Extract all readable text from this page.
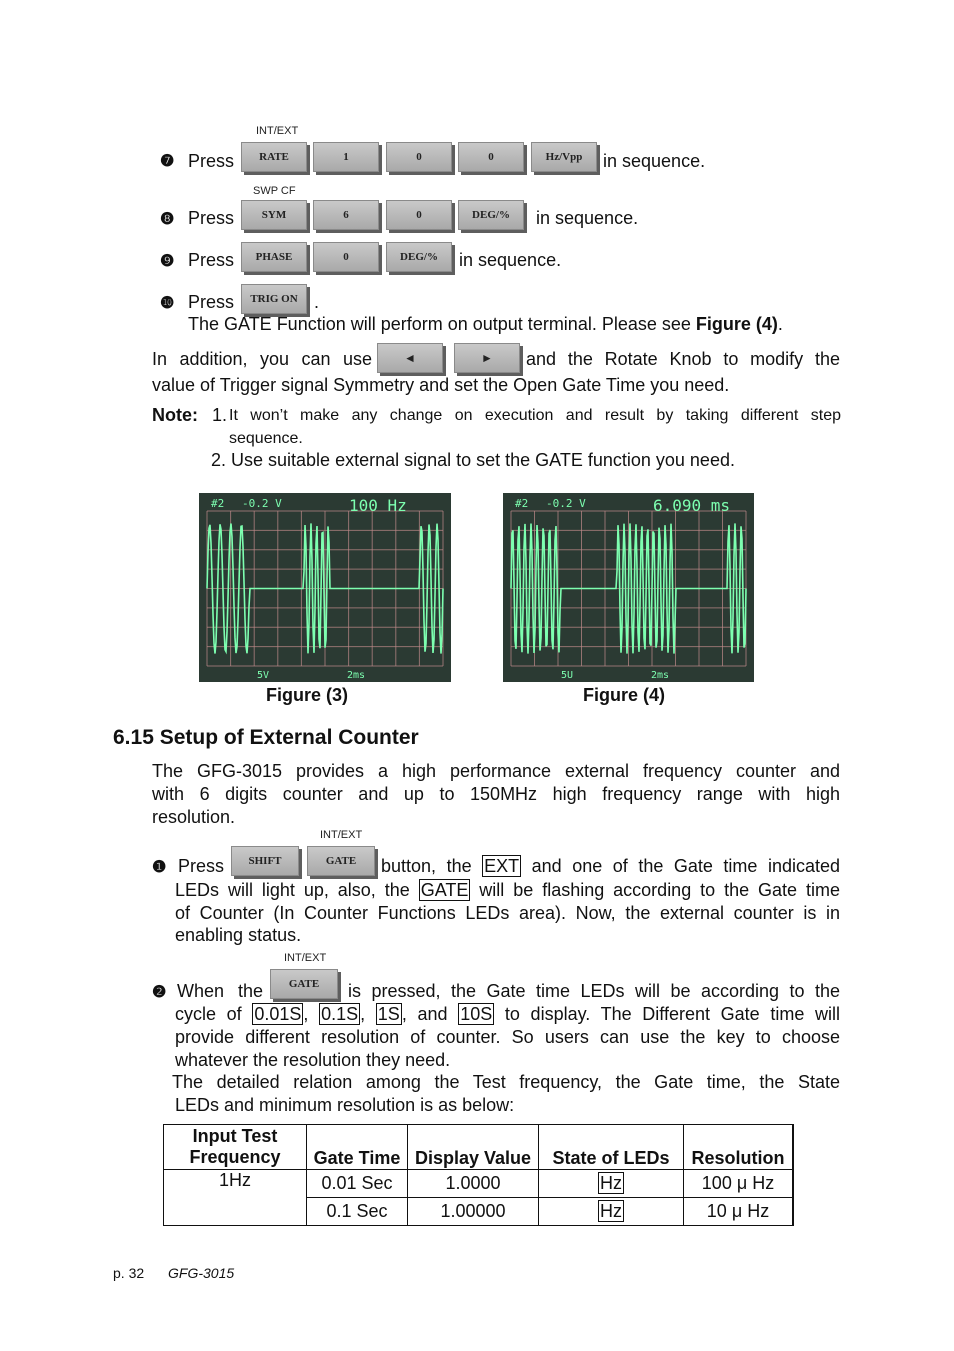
❼ Press
INT/EXT
RATE	1	0	0	Hz/Vpp	in sequence.
❽ Press
SWP CF
SYM	6	0	DEG/%	in sequence.
❾ Press	PHASE	0	DEG/%	in sequence.
❿ Press	TRIG ON .
The GATE Function will perform on output terminal. Please see Figure (4).
In addition, you can use	◄	►	and the Rotate Knob to modify the
value of Trigger signal Symmetry and set the Open Gate Time you need.
Note: 1. It won’t make any change on execution and result by taking different step
sequence.
2. Use suitable external signal to set the GATE function you need.
#2 -0.2 V	100 Hz
5V	2ms
#2 -0.2 V	6.090 ms
5U	2ms
Figure (3)	Figure (4)
6.15 Setup of External Counter
The GFG-3015 provides a high performance external frequency counter and
with 6 digits counter and up to 150MHz high frequency range with high
resolution.
❶ Press
INT/EXT
SHIFT	GATE	button, the EXT and one of the Gate time indicated
LEDs will light up, also, the GATE will be flashing according to the Gate time
of Counter (In Counter Functions LEDs area). Now, the external counter is in
enabling status.
❷ When the
INT/EXT
GATE	is pressed, the Gate time LEDs will be according to the
cycle of 0.01S , 0.1S , 1S , and 10S to display. The Different Gate time will
provide different resolution of counter. So users can use the key to choose
whatever the resolution they need.
The detailed relation among the Test frequency, the Gate time, the State
LEDs and minimum resolution is as below:
Input Test Frequency	Gate Time	Display Value	State of LEDs	Resolution
1Hz	0.01 Sec	1.0000	Hz	100 μ Hz
	0.1 Sec	1.00000	Hz	10 μ Hz
p. 32 GFG-3015
